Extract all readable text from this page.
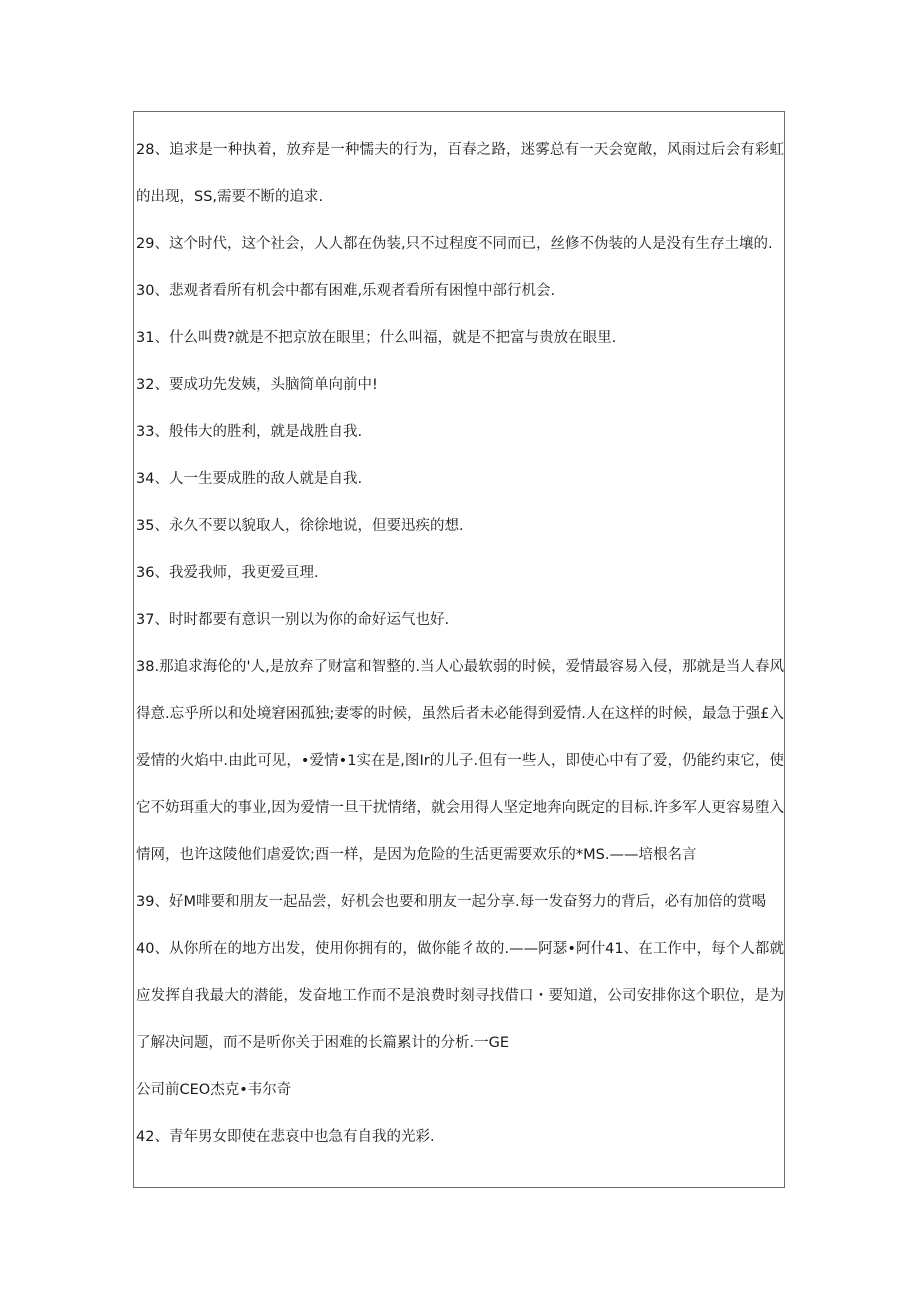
28、追求是一种执着，放弃是一种懦夫的行为，百春之路，迷雾总有一天会宽敞，风雨过后会有彩虹的出现，SS,需要不断的追求.

29、这个时代，这个社会，人人都在伪装,只不过程度不同而已，丝修不伪装的人是没有生存土壤的.

30、悲观者看所有机会中都有困难,乐观者看所有困惶中部行机会.

31、什么叫费?就是不把京放在眼里；什么叫福，就是不把富与贵放在眼里.

32、要成功先发姨，头脑简单向前中!

33、般伟大的胜利，就是战胜自我.

34、人一生要成胜的敌人就是自我.

35、永久不要以貌取人，徐徐地说，但要迅疾的想.

36、我爱我师，我更爱亘理.

37、时时都要有意识一别以为你的命好运气也好.

38.那追求海伦的'人,是放弃了财富和智整的.当人心最软弱的时候，爱情最容易入侵，那就是当人春风得意.忘乎所以和处境窘困孤独;妻零的时候，虽然后者未必能得到爱情.人在这样的时候，最急于强£入爱情的火焰中.由此可见，•爱情•1实在是,图Ir的儿子.但有一些人，即使心中有了爱，仍能约束它，使它不妨珥重大的事业,因为爱情一旦干扰情绪，就会用得人坚定地奔向既定的目标.许多军人更容易堕入情网，也许这陵他们虐爱饮;酉一样，是因为危险的生活更需要欢乐的*MS.——培根名言

39、好M啡要和朋友一起品尝，好机会也要和朋友一起分享.每一发奋努力的背后，必有加倍的赏喝

40、从你所在的地方出发，使用你拥有的，做你能彳故的.——阿瑟•阿什41、在工作中，每个人都就应发挥自我最大的潜能，发奋地工作而不是浪费时刻寻找借口・要知道，公司安排你这个职位，是为了解决问题，而不是听你关于困难的长篇累计的分析.一GE

公司前CEO杰克•韦尔奇

42、青年男女即使在悲哀中也急有自我的光彩.
